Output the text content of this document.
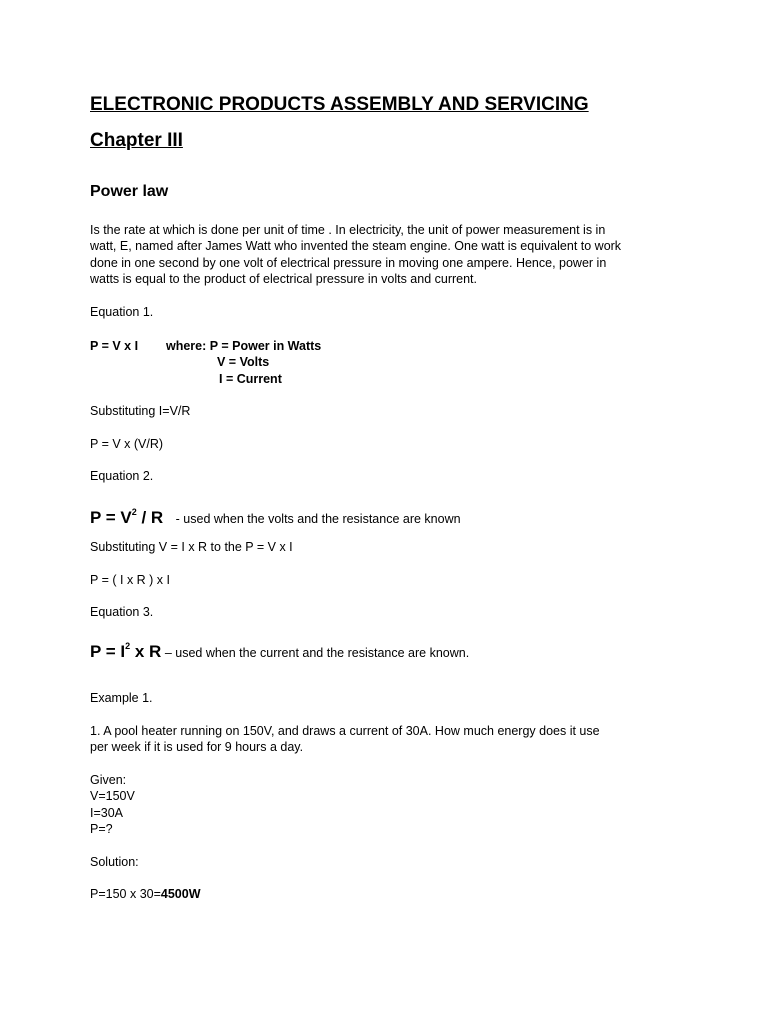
ELECTRONIC PRODUCTS ASSEMBLY AND SERVICING
Chapter III
Power law
Is the rate at which is done per unit of time . In electricity, the unit of power measurement is in
watt, E, named after James Watt who invented the steam engine. One watt is equivalent to work
done in one second by one volt of electrical pressure in moving one ampere. Hence, power in
watts is equal to the product of electrical pressure in volts and current.
Equation 1.
P = V x I where: P = Power in Watts
V = Volts
I = Current
Substituting I=V/R
P = V x (V/R)
Equation 2.
$P = V^2 / R$ - used when the volts and the resistance are known
Substituting V = I x R to the P = V x I
P = ( I x R ) x I
Equation 3.
$P = I^2$ x R – used when the current and the resistance are known.
Example 1.
1. A pool heater running on 150V, and draws a current of 30A. How much energy does it use
per week if it is used for 9 hours a day.
Given:
V=150V
I=30A
P=?
Solution:
P=150 x 30=4500W
